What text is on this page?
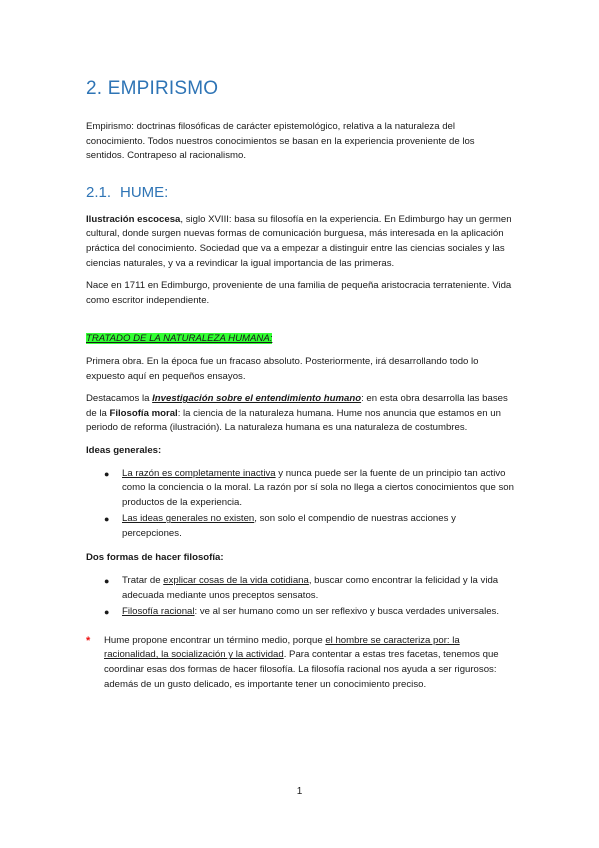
2. EMPIRISMO

Empirismo: doctrinas filosóficas de carácter epistemológico, relativa a la naturaleza del conocimiento. Todos nuestros conocimientos se basan en la experiencia proveniente de los sentidos. Contrapeso al racionalismo.

2.1. HUME:

Ilustración escocesa, siglo XVIII: basa su filosofía en la experiencia. En Edimburgo hay un germen cultural, donde surgen nuevas formas de comunicación burguesa, más interesada en la aplicación práctica del conocimiento. Sociedad que va a empezar a distinguir entre las ciencias sociales y las ciencias naturales, y va a revindicar la igual importancia de las primeras.

Nace en 1711 en Edimburgo, proveniente de una familia de pequeña aristocracia terrateniente. Vida como escritor independiente.

TRATADO DE LA NATURALEZA HUMANA:

Primera obra. En la época fue un fracaso absoluto. Posteriormente, irá desarrollando todo lo expuesto aquí en pequeños ensayos.

Destacamos la Investigación sobre el entendimiento humano: en esta obra desarrolla las bases de la Filosofía moral: la ciencia de la naturaleza humana. Hume nos anuncia que estamos en un periodo de reforma (ilustración). La naturaleza humana es una naturaleza de costumbres.

Ideas generales:

● La razón es completamente inactiva y nunca puede ser la fuente de un principio tan activo como la conciencia o la moral. La razón por sí sola no llega a ciertos conocimientos que son productos de la experiencia.
● Las ideas generales no existen, son solo el compendio de nuestras acciones y percepciones.

Dos formas de hacer filosofía:

● Tratar de explicar cosas de la vida cotidiana, buscar como encontrar la felicidad y la vida adecuada mediante unos preceptos sensatos.
● Filosofía racional: ve al ser humano como un ser reflexivo y busca verdades universales.
* Hume propone encontrar un término medio, porque el hombre se caracteriza por: la racionalidad, la socialización y la actividad. Para contentar a estas tres facetas, tenemos que coordinar esas dos formas de hacer filosofía. La filosofía racional nos ayuda a ser rigurosos: además de un gusto delicado, es importante tener un conocimiento preciso.
1
